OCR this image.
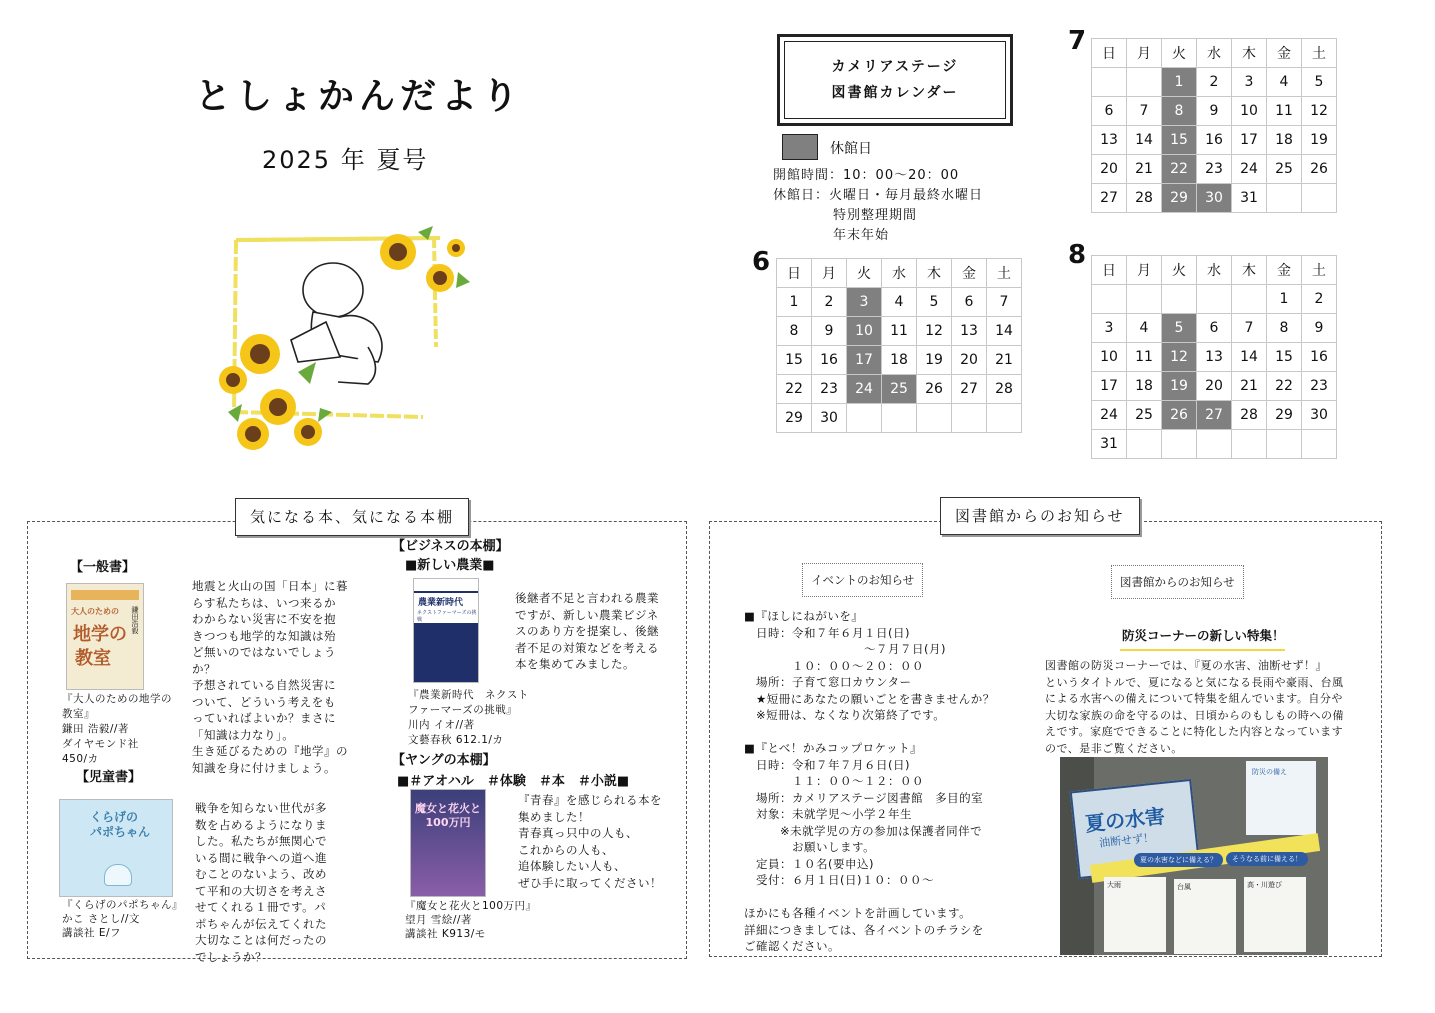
としょかんだより
2025 年 夏号
カメリアステージ
図書館カレンダー
休館日
開館時間：10：00～20：00
休館日：火曜日・毎月最終水曜日
特別整理期間
年末年始
7 日	月	火	水	木	金	土
		1	2	3	4	5
6	7	8	9	10	11	12
13	14	15	16	17	18	19
20	21	22	23	24	25	26
27	28	29	30	31		
6 日	月	火	水	木	金	土
1	2	3	4	5	6	7
8	9	10	11	12	13	14
15	16	17	18	19	20	21
22	23	24	25	26	27	28
29	30					
8
日	月	火	水	木	金	土
					1	2
3	4	5	6	7	8	9
10	11	12	13	14	15	16
17	18	19	20	21	22	23
24	25	26	27	28	29	30
31						
気になる本、気になる本棚
【一般書】
大人のための
地学の
教室
鎌田浩毅
地震と火山の国「日本」に暮
らす私たちは、いつ来るか
わからない災害に不安を抱
きつつも地学的な知識は殆
ど無いのではないでしょう
か？
予想されている自然災害に
ついて、どういう考えをも
っていればよいか？まさに
「知識は力なり」。
生き延びるための『地学』の
知識を身に付けましょう。
『大人のための地学の
教室』
鎌田 浩毅//著
ダイヤモンド社
450/カ
【児童書】
くらげの
パポちゃん
戦争を知らない世代が多
数を占めるようになりま
した。私たちが無関心で
いる間に戦争への道へ進
むことのないよう、改め
て平和の大切さを考えさ
せてくれる１冊です。パ
ポちゃんが伝えてくれた
大切なことは何だったの
でしょうか？
『くらげのパポちゃん』
かこ さとし//文
講談社 E/フ
【ビジネスの本棚】
■新しい農業■
農業新時代
ネクストファーマーズの挑戦
後継者不足と言われる農業
ですが、新しい農業ビジネ
スのあり方を提案し、後継
者不足の対策などを考える
本を集めてみました。
『農業新時代　ネクスト
ファーマーズの挑戦』
川内 イオ//著
文藝春秋 612.1/カ
【ヤングの本棚】
■＃アオハル　＃体験　＃本　＃小説■
魔女と花火と100万円
『青春』を感じられる本を
集めました！
青春真っ只中の人も、
これからの人も、
追体験したい人も、
ぜひ手に取ってください！
『魔女と花火と100万円』
望月 雪絵//著
講談社 K913/モ
図書館からのお知らせ
イベントのお知らせ
■『ほしにねがいを』
　日時：令和７年６月１日(日)
　　　　　　　　　　～７月７日(月)
　　　　１０：００～２０：００
　場所：子育て窓口カウンター
　★短冊にあなたの願いごとを書きませんか？
　※短冊は、なくなり次第終了です。

■『とべ！かみコップロケット』
　日時：令和７年７月６日(日)
　　　　１１：００～１２：００
　場所：カメリアステージ図書館　多目的室
　対象：未就学児～小学２年生
　　　※未就学児の方の参加は保護者同伴で
　　　　お願いします。
　定員：１０名(要申込)
　受付：６月１日(日)１０：００～

ほかにも各種イベントを計画しています。
詳細につきましては、各イベントのチラシを
ご確認ください。
図書館からのお知らせ
防災コーナーの新しい特集！
図書館の防災コーナーでは、『夏の水害、油断せず！』
というタイトルで、夏になると気になる長雨や豪雨、台風
による水害への備えについて特集を組んでいます。自分や
大切な家族の命を守るのは、日頃からのもしもの時への備
えです。家庭でできることに特化した内容となっています
ので、是非ご覧ください。
夏の水害
油断せず！
防災の備え
夏の水害などに備える？	そうなる前に備える！
大雨	台風	高・川遊び
